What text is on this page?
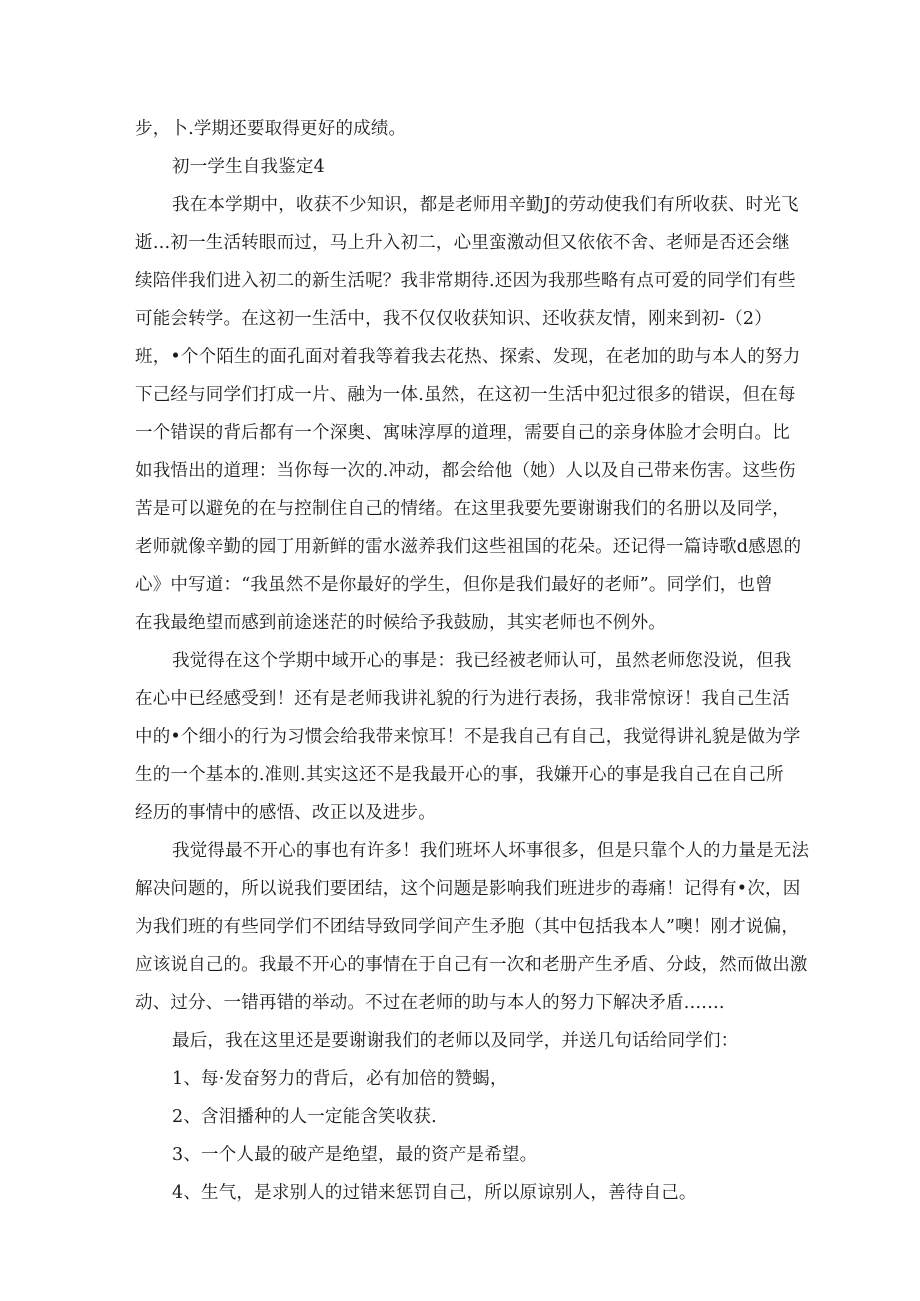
步，卜.学期还要取得更好的成绩。
初一学生自我鉴定4
我在本学期中，收获不少知识，都是老师用辛勤J的劳动使我们有所收获、时光飞
逝…初一生活转眼而过，马上升入初二，心里蛮激动但又依依不舍、老师是否还会继
续陪伴我们进入初二的新生活呢？我非常期待.还因为我那些略有点可爱的同学们有些
可能会转学。在这初一生活中，我不仅仅收获知识、还收获友情，刚来到初-（2）
班，•个个陌生的面孔面对着我等着我去花热、探索、发现，在老加的助与本人的努力
下己经与同学们打成一片、融为一体.虽然，在这初一生活中犯过很多的错误，但在每
一个错误的背后都有一个深奥、寓味淳厚的道理，需要自己的亲身体脸才会明白。比
如我悟出的道理：当你每一次的.冲动，都会给他（她）人以及自己带来伤害。这些伤
苦是可以避免的在与控制住自己的情绪。在这里我要先要谢谢我们的名册以及同学，
老师就像辛勤的园丁用新鲜的雷水滋养我们这些祖国的花朵。还记得一篇诗歌d感恩的
心》中写道：“我虽然不是你最好的学生，但你是我们最好的老师”。同学们，也曾
在我最绝望而感到前途迷茫的时候给予我鼓励，其实老师也不例外。
我觉得在这个学期中域开心的事是：我已经被老师认可，虽然老师您没说，但我
在心中已经感受到！还有是老师我讲礼貌的行为进行表扬，我非常惊讶！我自己生活
中的•个细小的行为习惯会给我带来惊耳！不是我自己有自己，我觉得讲礼貌是做为学
生的一个基本的.准则.其实这还不是我最开心的事，我嫌开心的事是我自己在自己所
经历的事情中的感悟、改正以及进步。
我觉得最不开心的事也有许多！我们班坏人坏事很多，但是只靠个人的力量是无法
解决问题的，所以说我们要团结，这个问题是影响我们班进步的毒痛！记得有•次，因
为我们班的有些同学们不团结导致同学间产生矛胞（其中包括我本人”噢！刚才说偏，
应该说自己的。我最不开心的事情在于自己有一次和老册产生矛盾、分歧，然而做出激
动、过分、一错再错的举动。不过在老师的助与本人的努力下解决矛盾.……
最后，我在这里还是要谢谢我们的老师以及同学，并送几句话给同学们：
1、每·发奋努力的背后，必有加倍的赞蝎，
2、含泪播种的人一定能含笑收获.
3、一个人最的破产是绝望，最的资产是希望。
4、生气，是求别人的过错来惩罚自己，所以原谅别人，善待自己。
